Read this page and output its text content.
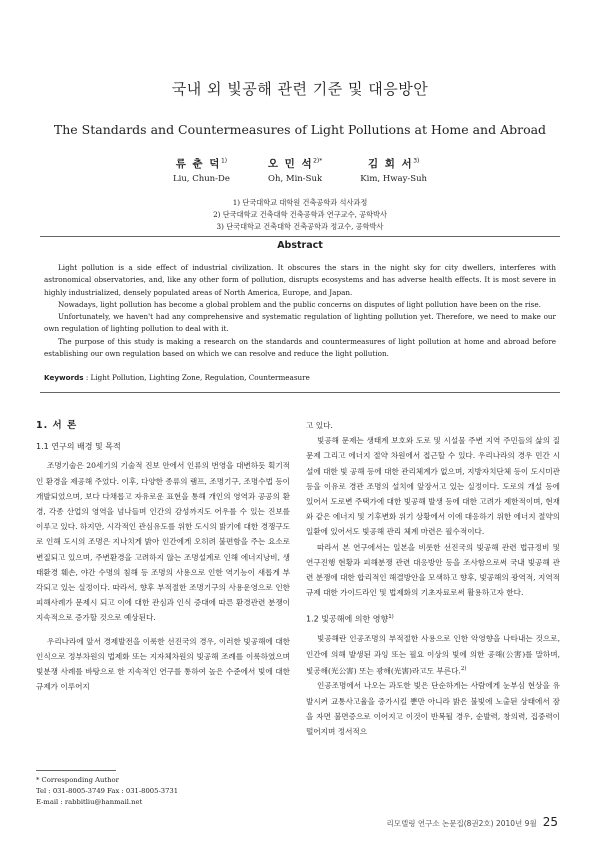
국내 외 빛공해 관련 기준 및 대응방안
The Standards and Countermeasures of Light Pollutions at Home and Abroad
류 춘 덕$^{1)}$
Liu, Chun-De
오 민 석$^{2)*}$
Oh, Min-Suk
김 회 서$^{3)}$
Kim, Hway-Suh
1) 단국대학교 대학원 건축공학과 석사과정
2) 단국대학교 건축대학 건축공학과 연구교수, 공학박사
3) 단국대학교 건축대학 건축공학과 정교수, 공학박사
Abstract

Light pollution is a side effect of industrial civilization. It obscures the stars in the night sky for city dwellers, interferes with astronomical observatories, and, like any other form of pollution, disrupts ecosystems and has adverse health effects. It is most severe in highly industrialized, densely populated areas of North America, Europe, and Japan.

Nowadays, light pollution has become a global problem and the public concerns on disputes of light pollution have been on the rise.

Unfortunately, we haven't had any comprehensive and systematic regulation of lighting pollution yet. Therefore, we need to make our own regulation of lighting pollution to deal with it.

The purpose of this study is making a research on the standards and countermeasures of light pollution at home and abroad before establishing our own regulation based on which we can resolve and reduce the light pollution.

Keywords : Light Pollution, Lighting Zone, Regulation, Countermeasure
1. 서 론
1.1 연구의 배경 및 목적

조명기술은 20세기의 기술적 진보 안에서 인류의 번영을 대변하듯 획기적인 환경을 제공해 주었다. 이후, 다양한 종류의 램프, 조명기구, 조명수법 등이 개발되었으며, 보다 다채롭고 자유로운 표현을 통해 개인의 영역과 공공의 환경, 각종 산업의 영역을 넘나들며 인간의 감성까지도 어우를 수 있는 진보를 이루고 있다. 하지만, 시각적인 관심유도를 위한 도시의 밝기에 대한 경쟁구도로 인해 도시의 조명은 지나치게 밝아 인간에게 오히려 불편함을 주는 요소로 변질되고 있으며, 주변환경을 고려하지 않는 조명설계로 인해 에너지낭비, 생태환경 훼손, 야간 수명의 침해 등 조명의 사용으로 인한 역기능이 새롭게 부각되고 있는 실정이다. 따라서, 향후 부적절한 조명기구의 사용운영으로 인한 피해사례가 문제시 되고 이에 대한 관심과 인식 증대에 따른 환경관련 분쟁이 지속적으로 증가할 것으로 예상된다.

우리나라에 앞서 경제발전을 이룩한 선진국의 경우, 이러한 빛공해에 대한 인식으로 정부차원의 법제화 또는 지자체차원의 빛공해 조례를 이룩하였으며 빛분쟁 사례를 바탕으로 한 지속적인 연구를 통하여 높은 수준에서 빛에 대한 규제가 이루어지

고 있다.

빛공해 문제는 생태계 보호와 도로 및 시설물 주변 지역 주민들의 삶의 질 문제 그리고 에너지 절약 차원에서 접근할 수 있다. 우리나라의 경우 민간 시설에 대한 빛 공해 등에 대한 관리체계가 없으며, 지방자치단체 등이 도시미관 등을 이유로 경관 조명의 설치에 앞장서고 있는 실정이다. 도로의 개설 등에 있어서 도로변 주택가에 대한 빛공해 발생 등에 대한 고려가 제한적이며, 현재와 같은 에너지 및 기후변화 위기 상황에서 이에 대응하기 위한 에너지 절약의 일환에 있어서도 빛공해 관리 체계 마련은 필수적이다.

따라서 본 연구에서는 일본을 비롯한 선진국의 빛공해 관련 법규정비 및 연구진행 현황과 피해분쟁 관련 대응방안 등을 조사함으로써 국내 빛공해 관련 분쟁에 대한 합리적인 해결방안을 모색하고 향후, 빛공해의 광역적, 지역적 규제 대한 가이드라인 및 법제화의 기초자료로써 활용하고자 한다.

1.2 빛공해에 의한 영향$^{1)}$

빛공해란 인공조명의 부적절한 사용으로 인한 악영향을 나타내는 것으로, 인간에 의해 발생된 과잉 또는 필요 이상의 빛에 의한 공해(公害)를 말하며, 빛공해(光公害) 또는 광해(光害)라고도 부른다.$^{2)}$

인공조명에서 나오는 과도한 빛은 단순하게는 사람에게 눈부심 현상을 유발시켜 교통사고율을 증가시킬 뿐만 아니라 밝은 불빛에 노출된 상태에서 잠을 자면 불면증으로 이어지고 이것이 반복될 경우, 순발력, 창의력, 집중력이 떨어지며 정서적으

* Corresponding Author
Tel : 031-8005-3749 Fax : 031-8005-3731
E-mail : rabbitliu@hanmail.net
리모델링 연구소 논문집(8권2호) 2010년 9월 25
